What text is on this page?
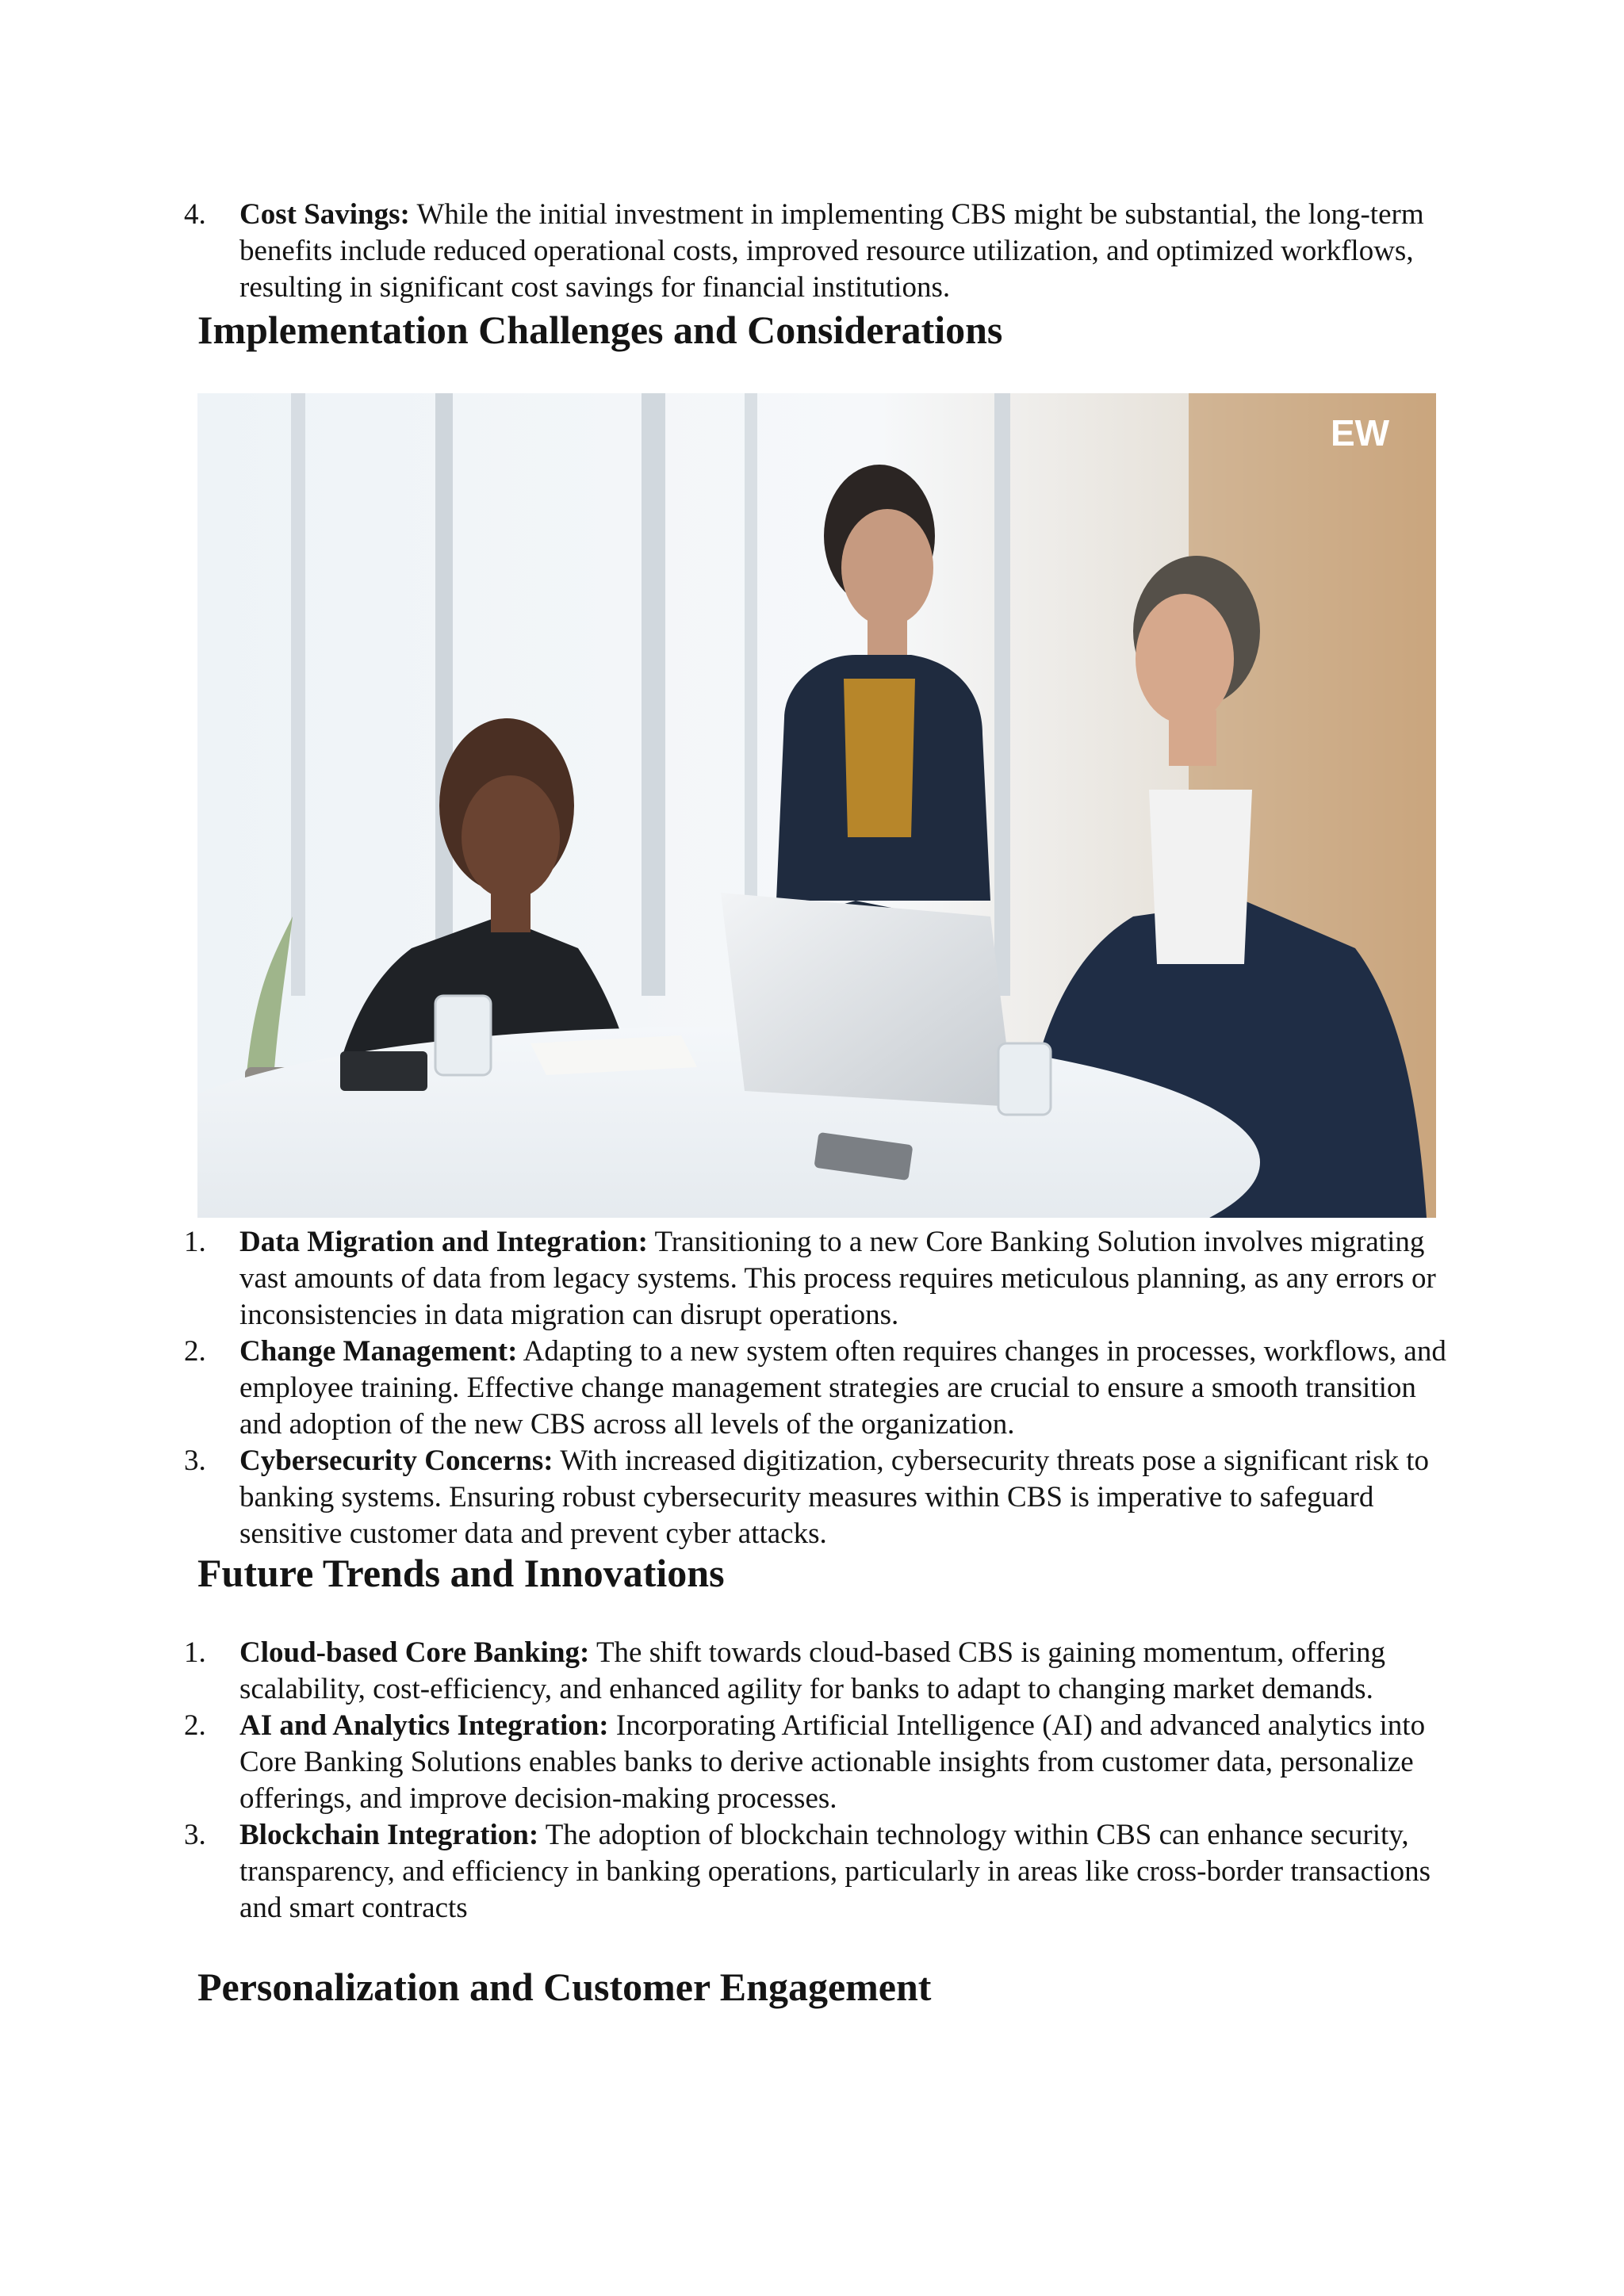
4.	Cost Savings: While the initial investment in implementing CBS might be substantial, the long-term benefits include reduced operational costs, improved resource utilization, and optimized workflows, resulting in significant cost savings for financial institutions.
Implementation Challenges and Considerations
EW
1.	Data Migration and Integration: Transitioning to a new Core Banking Solution involves migrating vast amounts of data from legacy systems. This process requires meticulous planning, as any errors or inconsistencies in data migration can disrupt operations.
2.	Change Management: Adapting to a new system often requires changes in processes, workflows, and employee training. Effective change management strategies are crucial to ensure a smooth transition and adoption of the new CBS across all levels of the organization.
3.	Cybersecurity Concerns: With increased digitization, cybersecurity threats pose a significant risk to banking systems. Ensuring robust cybersecurity measures within CBS is imperative to safeguard sensitive customer data and prevent cyber attacks.
Future Trends and Innovations
1.	Cloud-based Core Banking: The shift towards cloud-based CBS is gaining momentum, offering scalability, cost-efficiency, and enhanced agility for banks to adapt to changing market demands.
2.	AI and Analytics Integration: Incorporating Artificial Intelligence (AI) and advanced analytics into Core Banking Solutions enables banks to derive actionable insights from customer data, personalize offerings, and improve decision-making processes.
3.	Blockchain Integration: The adoption of blockchain technology within CBS can enhance security, transparency, and efficiency in banking operations, particularly in areas like cross-border transactions and smart contracts
Personalization and Customer Engagement
